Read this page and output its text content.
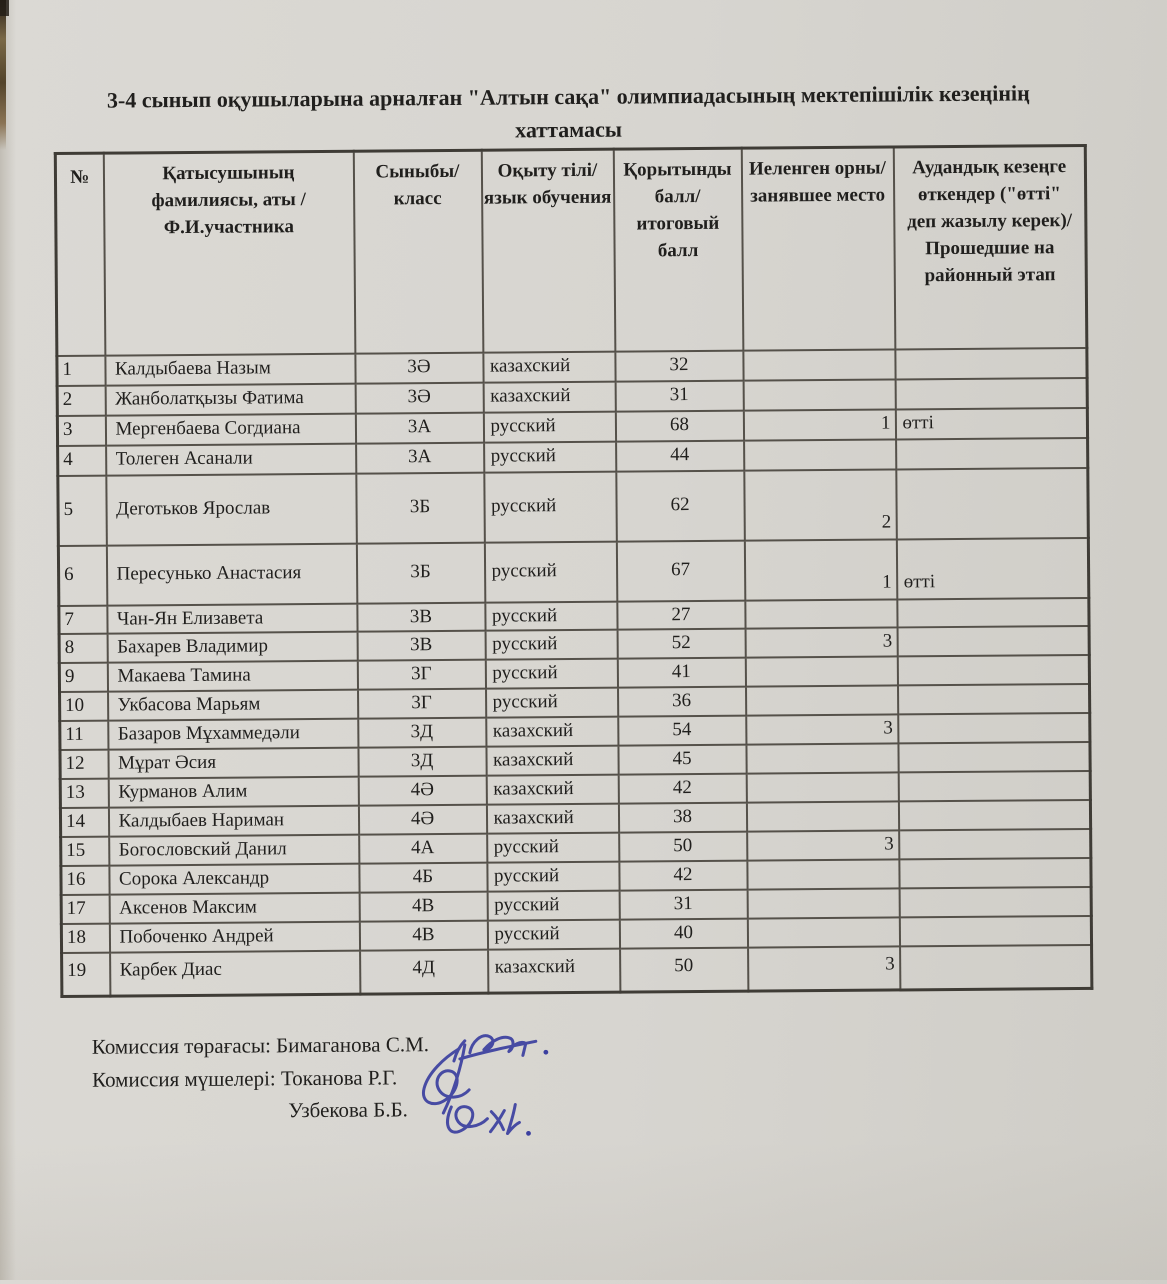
3-4 сынып оқушыларына арналған "Алтын сақа" олимпиадасының мектепішілік кезеңінің хаттамасы
№	Қатысушының фамилиясы, аты /Ф.И.участника	Сыныбы/класс	Оқыту тілі/ язык обучения	Қорытынды балл/ итоговый балл	Иеленген орны/ занявшее место	Аудандық кезеңге өткендер ("өтті" деп жазылу керек)/ Прошедшие на районный этап
1	Калдыбаева Назым	3Ә	казахский	32		
2	Жанболатқызы Фатима	3Ә	казахский	31		
3	Мергенбаева Согдиана	3А	русский	68	1	өтті
4	Толеген Асанали	3А	русский	44		
5	Деготьков Ярослав	3Б	русский	62	2	
6	Пересунько Анастасия	3Б	русский	67	1	өтті
7	Чан-Ян Елизавета	3В	русский	27		
8	Бахарев Владимир	3В	русский	52	3	
9	Макаева Тамина	3Г	русский	41		
10	Укбасова Марьям	3Г	русский	36		
11	Базаров Мұхаммедәли	3Д	казахский	54	3	
12	Мұрат Әсия	3Д	казахский	45		
13	Курманов Алим	4Ә	казахский	42		
14	Калдыбаев Нариман	4Ә	казахский	38		
15	Богословский Данил	4А	русский	50	3	
16	Сорока Александр	4Б	русский	42		
17	Аксенов Максим	4В	русский	31		
18	Побоченко Андрей	4В	русский	40		
19	Карбек Диас	4Д	казахский	50	3	
Комиссия төрағасы: Бимаганова С.М.
Комиссия мүшелері: Токанова Р.Г.
Узбекова Б.Б.
